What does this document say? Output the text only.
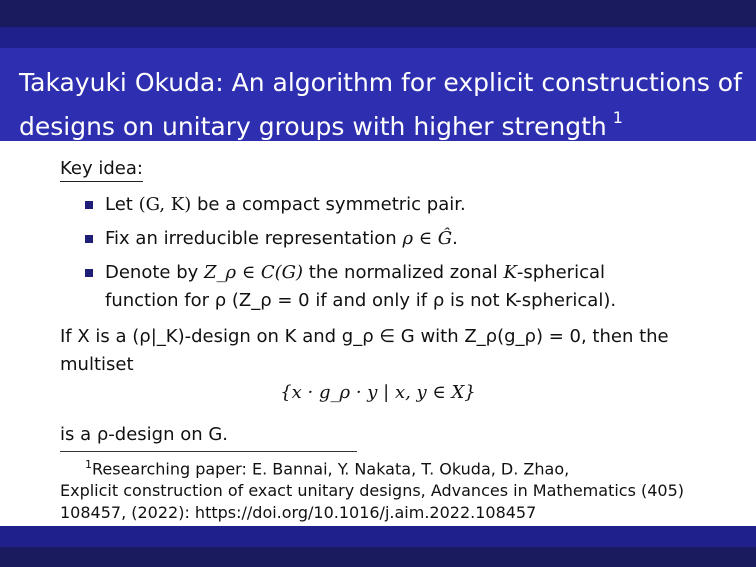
Takayuki Okuda: An algorithm for explicit constructions of
designs on unitary groups with higher strength $^1$
Key idea:
Let (G, K) be a compact symmetric pair.
Fix an irreducible representation ρ ∈ Ĝ.
Denote by Z_ρ ∈ C(G) the normalized zonal K-spherical
function for ρ (Z_ρ = 0 if and only if ρ is not K-spherical).
If X is a (ρ|_K)-design on K and g_ρ ∈ G with Z_ρ(g_ρ) = 0, then the
multiset
{x · g_ρ · y | x, y ∈ X}
is a ρ-design on G.
$^1$Researching paper: E. Bannai, Y. Nakata, T. Okuda, D. Zhao,
Explicit construction of exact unitary designs, Advances in Mathematics (405)
108457, (2022): https://doi.org/10.1016/j.aim.2022.108457
